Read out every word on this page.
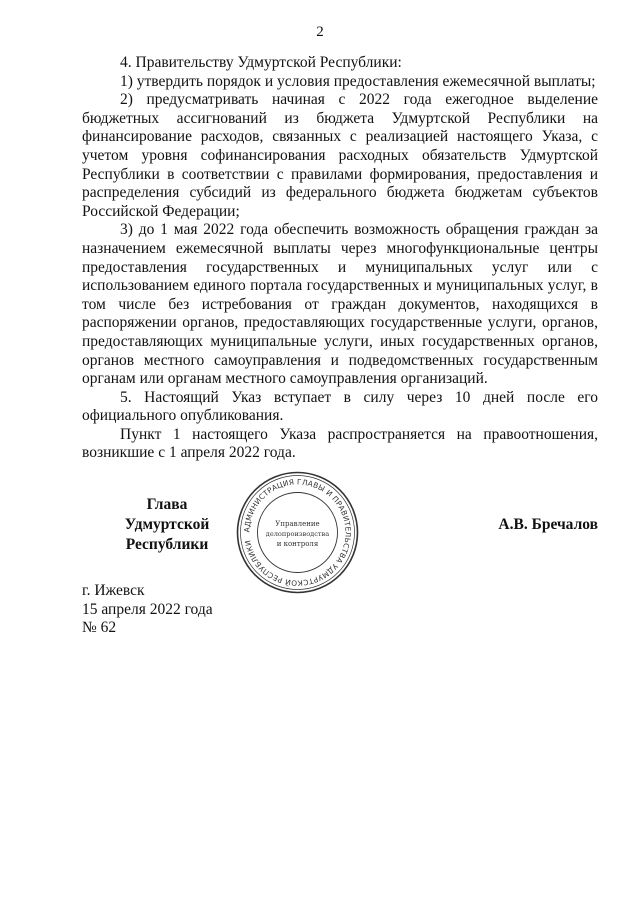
2

4. Правительству Удмуртской Республики:

1) утвердить порядок и условия предоставления ежемесячной выплаты;

2) предусматривать начиная с 2022 года ежегодное выделение бюджетных ассигнований из бюджета Удмуртской Республики на финансирование расходов, связанных с реализацией настоящего Указа, с учетом уровня софинансирования расходных обязательств Удмуртской Республики в соответствии с правилами формирования, предоставления и распределения субсидий из федерального бюджета бюджетам субъектов Российской Федерации;

3) до 1 мая 2022 года обеспечить возможность обращения граждан за назначением ежемесячной выплаты через многофункциональные центры предоставления государственных и муниципальных услуг или с использованием единого портала государственных и муниципальных услуг, в том числе без истребования от граждан документов, находящихся в распоряжении органов, предоставляющих государственные услуги, органов, предоставляющих муниципальные услуги, иных государственных органов, органов местного самоуправления и подведомственных государственным органам или органам местного самоуправления организаций.

5. Настоящий Указ вступает в силу через 10 дней после его официального опубликования.

Пункт 1 настоящего Указа распространяется на правоотношения, возникшие с 1 апреля 2022 года.

Глава
Удмуртской Республики
АДМИНИСТРАЦИЯ ГЛАВЫ И ПРАВИТЕЛЬСТВА УДМУРТСКОЙ РЕСПУБЛИКИ
Управление
делопроизводства
и контроля
А.В. Бречалов
г. Ижевск
15 апреля 2022 года
№ 62
